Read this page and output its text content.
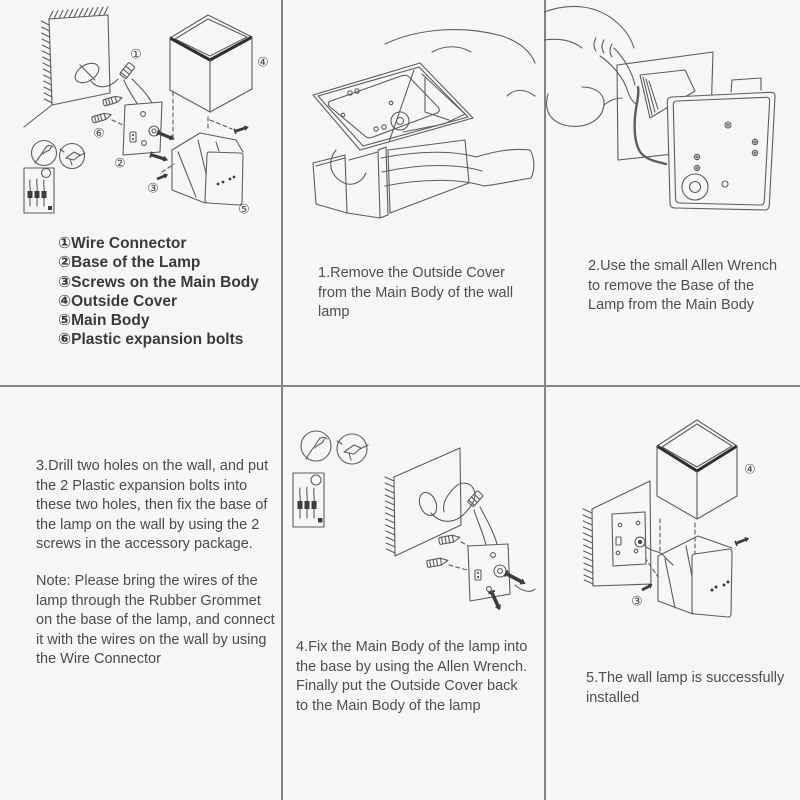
①
②
③
④
⑤
⑥
①Wire Connector
②Base of the Lamp
③Screws on the Main Body
④Outside Cover
⑤Main Body
⑥Plastic expansion bolts
1.Remove the Outside Cover
from the Main Body of the wall
lamp
2.Use the small Allen Wrench
to remove the Base of the
Lamp from the Main Body
3.Drill two holes on the wall, and put
the 2 Plastic expansion bolts into
these two holes, then fix the base of
the lamp on the wall by using the 2
screws in the accessory package.
Note: Please bring the wires of the
lamp through the Rubber Grommet
on the base of the lamp, and connect
it with the wires on the wall by using
the Wire Connector
4.Fix the Main Body of the lamp into
the base by using the Allen Wrench.
Finally put the Outside Cover back
to the Main Body of the lamp
④
③
5.The wall lamp is successfully
installed
